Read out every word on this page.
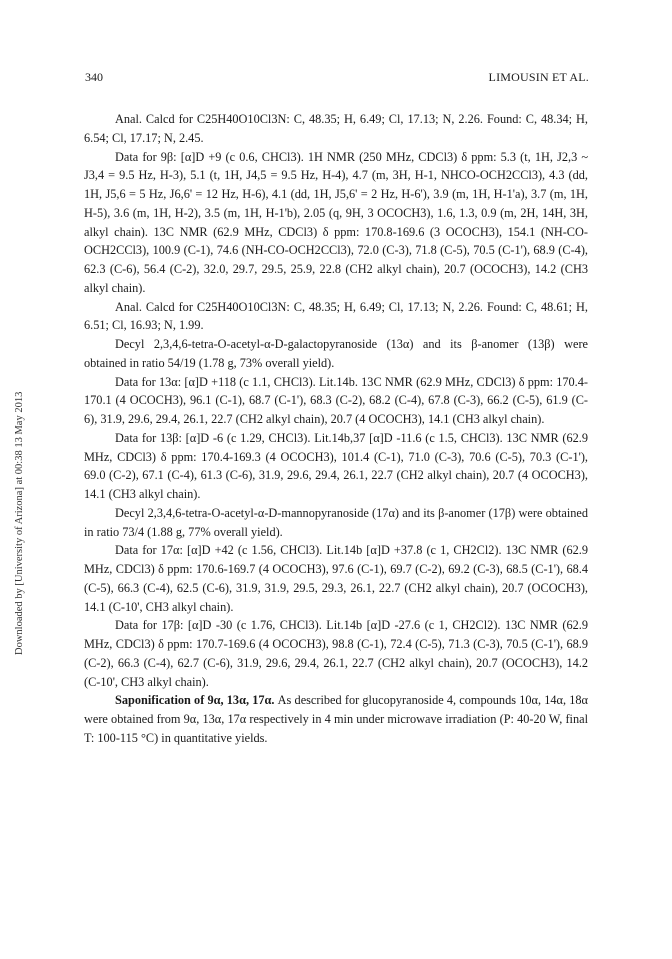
340	LIMOUSIN ET AL.
Downloaded by [University of Arizona] at 00:38 13 May 2013

Anal. Calcd for C25H40O10Cl3N: C, 48.35; H, 6.49; Cl, 17.13; N, 2.26. Found: C, 48.34; H, 6.54; Cl, 17.17; N, 2.45.

Data for 9β: [α]D +9 (c 0.6, CHCl3). 1H NMR (250 MHz, CDCl3) δ ppm: 5.3 (t, 1H, J2,3 ~ J3,4 = 9.5 Hz, H-3), 5.1 (t, 1H, J4,5 = 9.5 Hz, H-4), 4.7 (m, 3H, H-1, NHCO-OCH2CCl3), 4.3 (dd, 1H, J5,6 = 5 Hz, J6,6' = 12 Hz, H-6), 4.1 (dd, 1H, J5,6' = 2 Hz, H-6'), 3.9 (m, 1H, H-1'a), 3.7 (m, 1H, H-5), 3.6 (m, 1H, H-2), 3.5 (m, 1H, H-1'b), 2.05 (q, 9H, 3 OCOCH3), 1.6, 1.3, 0.9 (m, 2H, 14H, 3H, alkyl chain). 13C NMR (62.9 MHz, CDCl3) δ ppm: 170.8-169.6 (3 OCOCH3), 154.1 (NH-CO-OCH2CCl3), 100.9 (C-1), 74.6 (NH-CO-OCH2CCl3), 72.0 (C-3), 71.8 (C-5), 70.5 (C-1'), 68.9 (C-4), 62.3 (C-6), 56.4 (C-2), 32.0, 29.7, 29.5, 25.9, 22.8 (CH2 alkyl chain), 20.7 (OCOCH3), 14.2 (CH3 alkyl chain).

Anal. Calcd for C25H40O10Cl3N: C, 48.35; H, 6.49; Cl, 17.13; N, 2.26. Found: C, 48.61; H, 6.51; Cl, 16.93; N, 1.99.

Decyl 2,3,4,6-tetra-O-acetyl-α-D-galactopyranoside (13α) and its β-anomer (13β) were obtained in ratio 54/19 (1.78 g, 73% overall yield).

Data for 13α: [α]D +118 (c 1.1, CHCl3). Lit.14b. 13C NMR (62.9 MHz, CDCl3) δ ppm: 170.4-170.1 (4 OCOCH3), 96.1 (C-1), 68.7 (C-1'), 68.3 (C-2), 68.2 (C-4), 67.8 (C-3), 66.2 (C-5), 61.9 (C-6), 31.9, 29.6, 29.4, 26.1, 22.7 (CH2 alkyl chain), 20.7 (4 OCOCH3), 14.1 (CH3 alkyl chain).

Data for 13β: [α]D -6 (c 1.29, CHCl3). Lit.14b,37 [α]D -11.6 (c 1.5, CHCl3). 13C NMR (62.9 MHz, CDCl3) δ ppm: 170.4-169.3 (4 OCOCH3), 101.4 (C-1), 71.0 (C-3), 70.6 (C-5), 70.3 (C-1'), 69.0 (C-2), 67.1 (C-4), 61.3 (C-6), 31.9, 29.6, 29.4, 26.1, 22.7 (CH2 alkyl chain), 20.7 (4 OCOCH3), 14.1 (CH3 alkyl chain).

Decyl 2,3,4,6-tetra-O-acetyl-α-D-mannopyranoside (17α) and its β-anomer (17β) were obtained in ratio 73/4 (1.88 g, 77% overall yield).

Data for 17α: [α]D +42 (c 1.56, CHCl3). Lit.14b [α]D +37.8 (c 1, CH2Cl2). 13C NMR (62.9 MHz, CDCl3) δ ppm: 170.6-169.7 (4 OCOCH3), 97.6 (C-1), 69.7 (C-2), 69.2 (C-3), 68.5 (C-1'), 68.4 (C-5), 66.3 (C-4), 62.5 (C-6), 31.9, 31.9, 29.5, 29.3, 26.1, 22.7 (CH2 alkyl chain), 20.7 (OCOCH3), 14.1 (C-10', CH3 alkyl chain).

Data for 17β: [α]D -30 (c 1.76, CHCl3). Lit.14b [α]D -27.6 (c 1, CH2Cl2). 13C NMR (62.9 MHz, CDCl3) δ ppm: 170.7-169.6 (4 OCOCH3), 98.8 (C-1), 72.4 (C-5), 71.3 (C-3), 70.5 (C-1'), 68.9 (C-2), 66.3 (C-4), 62.7 (C-6), 31.9, 29.6, 29.4, 26.1, 22.7 (CH2 alkyl chain), 20.7 (OCOCH3), 14.2 (C-10', CH3 alkyl chain).

Saponification of 9α, 13α, 17α. As described for glucopyranoside 4, compounds 10α, 14α, 18α were obtained from 9α, 13α, 17α respectively in 4 min under microwave irradiation (P: 40-20 W, final T: 100-115 °C) in quantitative yields.
